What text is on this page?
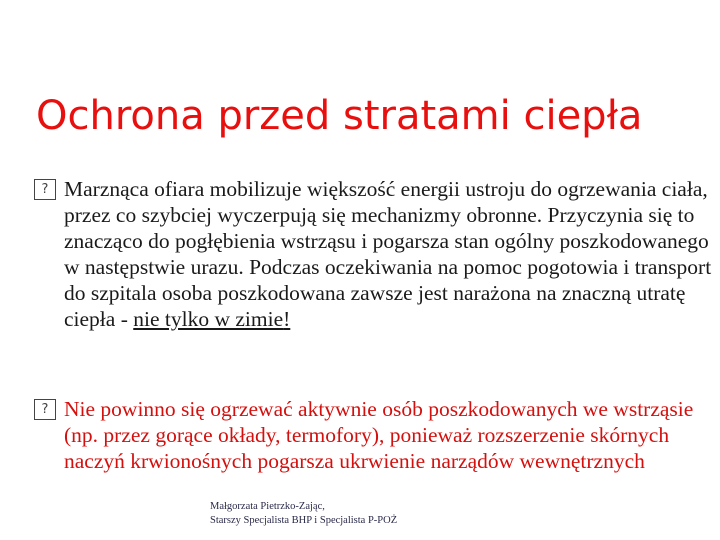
Ochrona przed stratami ciepła
? Marznąca ofiara mobilizuje większość energii ustroju do ogrzewania ciała, przez co szybciej wyczerpują się mechanizmy obronne. Przyczynia się to znacząco do pogłębienia wstrząsu i pogarsza stan ogólny poszkodowanego w następstwie urazu. Podczas oczekiwania na pomoc pogotowia i transport do szpitala osoba poszkodowana zawsze jest narażona na znaczną utratę ciepła - nie tylko w zimie!
? Nie powinno się ogrzewać aktywnie osób poszkodowanych we wstrząsie (np. przez gorące okłady, termofory), ponieważ rozszerzenie skórnych naczyń krwionośnych pogarsza ukrwienie narządów wewnętrznych
Małgorzata Pietrzko-Zając,
Starszy Specjalista BHP i Specjalista P-POŻ
